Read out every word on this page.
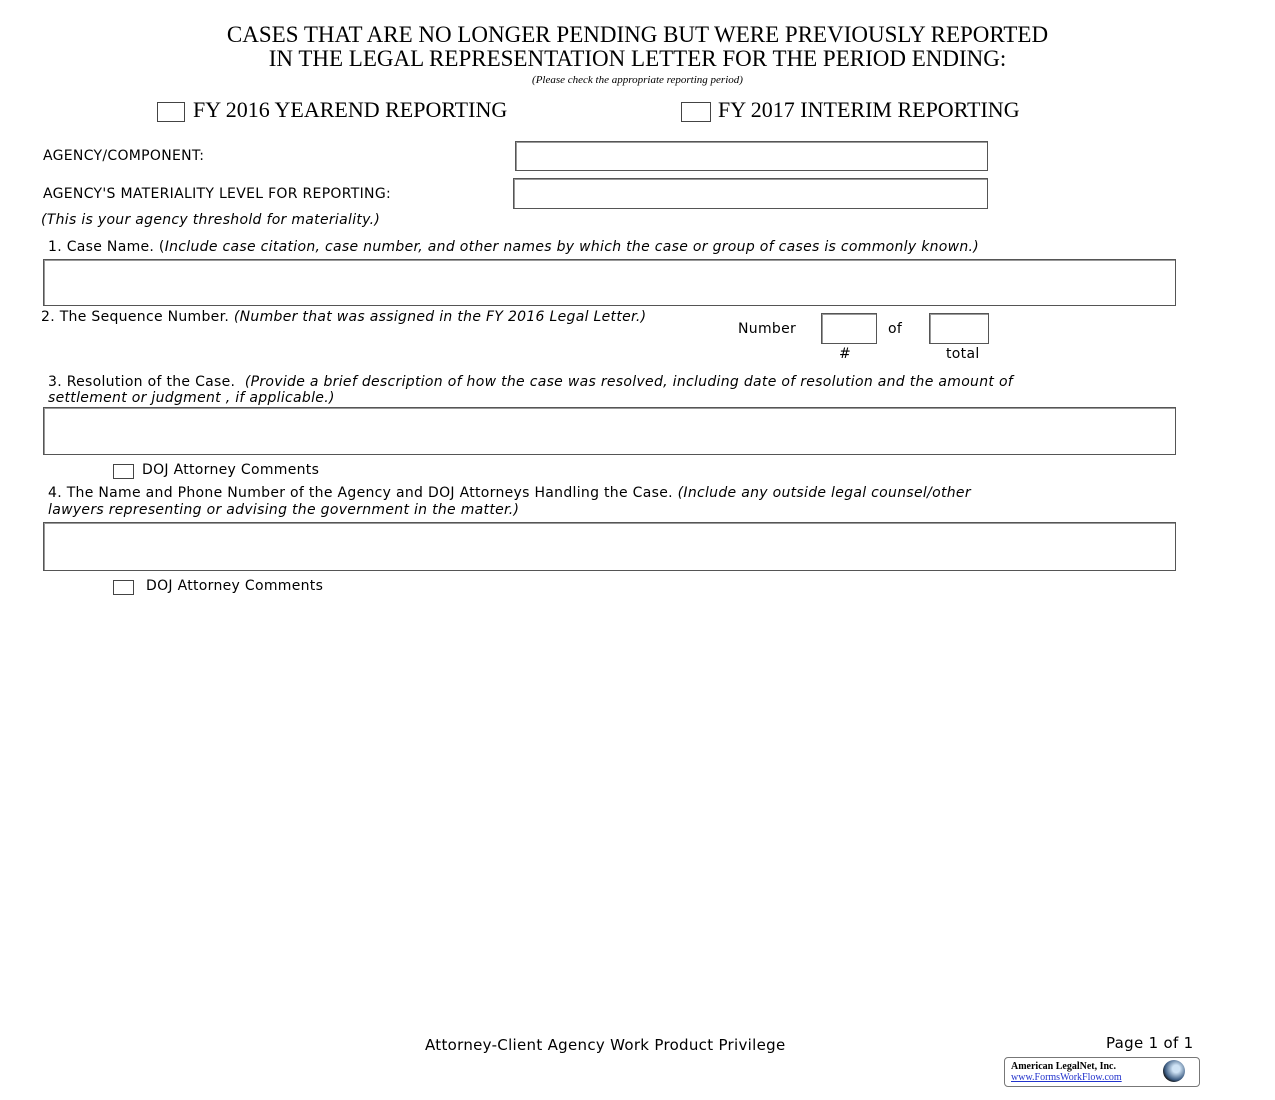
CASES THAT ARE NO LONGER PENDING BUT WERE PREVIOUSLY REPORTED
IN THE LEGAL REPRESENTATION LETTER FOR THE PERIOD ENDING:
(Please check the appropriate reporting period)
FY 2016 YEAREND REPORTING	FY 2017 INTERIM REPORTING
AGENCY/COMPONENT:
AGENCY'S MATERIALITY LEVEL FOR REPORTING:
(This is your agency threshold for materiality.)
1. Case Name. (Include case citation, case number, and other names by which the case or group of cases is commonly known.)
2. The Sequence Number. (Number that was assigned in the FY 2016 Legal Letter.)
Number	of
#	total
3. Resolution of the Case. (Provide a brief description of how the case was resolved, including date of resolution and the amount of
settlement or judgment , if applicable.)
DOJ Attorney Comments
4. The Name and Phone Number of the Agency and DOJ Attorneys Handling the Case. (Include any outside legal counsel/other
lawyers representing or advising the government in the matter.)
DOJ Attorney Comments
Attorney-Client Agency Work Product Privilege	Page 1 of 1
American LegalNet, Inc.
www.FormsWorkFlow.com
